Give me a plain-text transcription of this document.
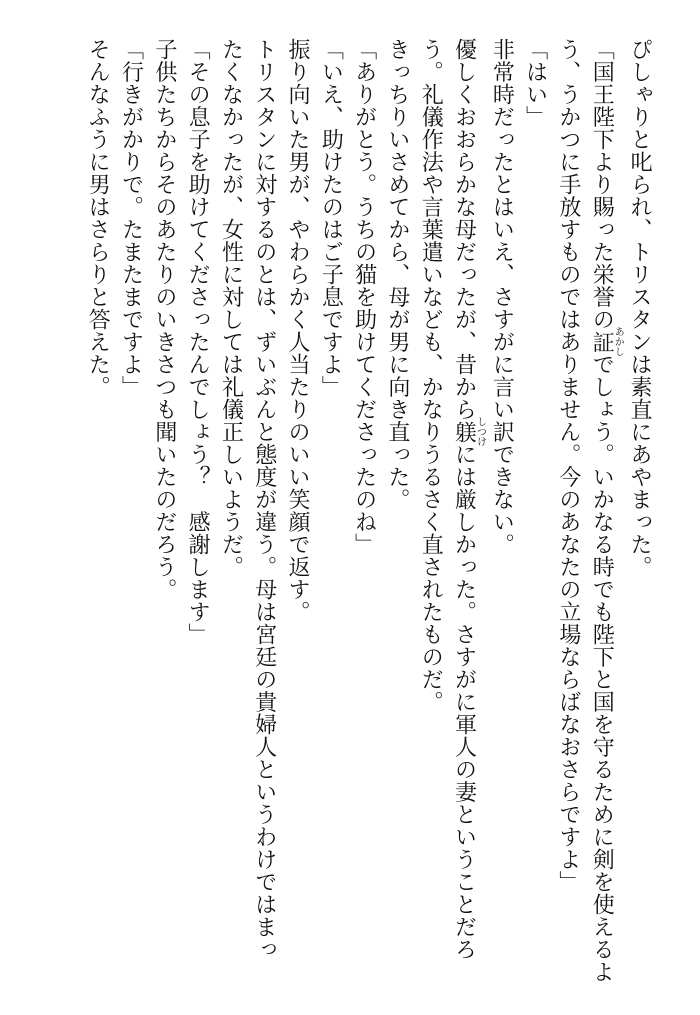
ぴしゃりと叱られ、トリスタンは素直にあやまった。
「国王陛下より賜った栄誉の証あかしでしょう。いかなる時でも陛下と国を守るために剣を使えるよ
う、うかつに手放すものではありません。今のあなたの立場ならばなおさらですよ」
「はい」
非常時だったとはいえ、さすがに言い訳できない。
優しくおおらかな母だったが、昔から躾しつけには厳しかった。さすがに軍人の妻ということだろ
う。礼儀作法や言葉遣いなども、かなりうるさく直されたものだ。
きっちりいさめてから、母が男に向き直った。
「ありがとう。うちの猫を助けてくださったのね」
「いえ、助けたのはご子息ですよ」
振り向いた男が、やわらかく人当たりのいい笑顔で返す。
トリスタンに対するのとは、ずいぶんと態度が違う。母は宮廷の貴婦人というわけではまっ
たくなかったが、女性に対しては礼儀正しいようだ。
「その息子を助けてくださったんでしょう？　感謝します」
子供たちからそのあたりのいきさつも聞いたのだろう。
「行きがかりで。たまたまですよ」
そんなふうに男はさらりと答えた。
